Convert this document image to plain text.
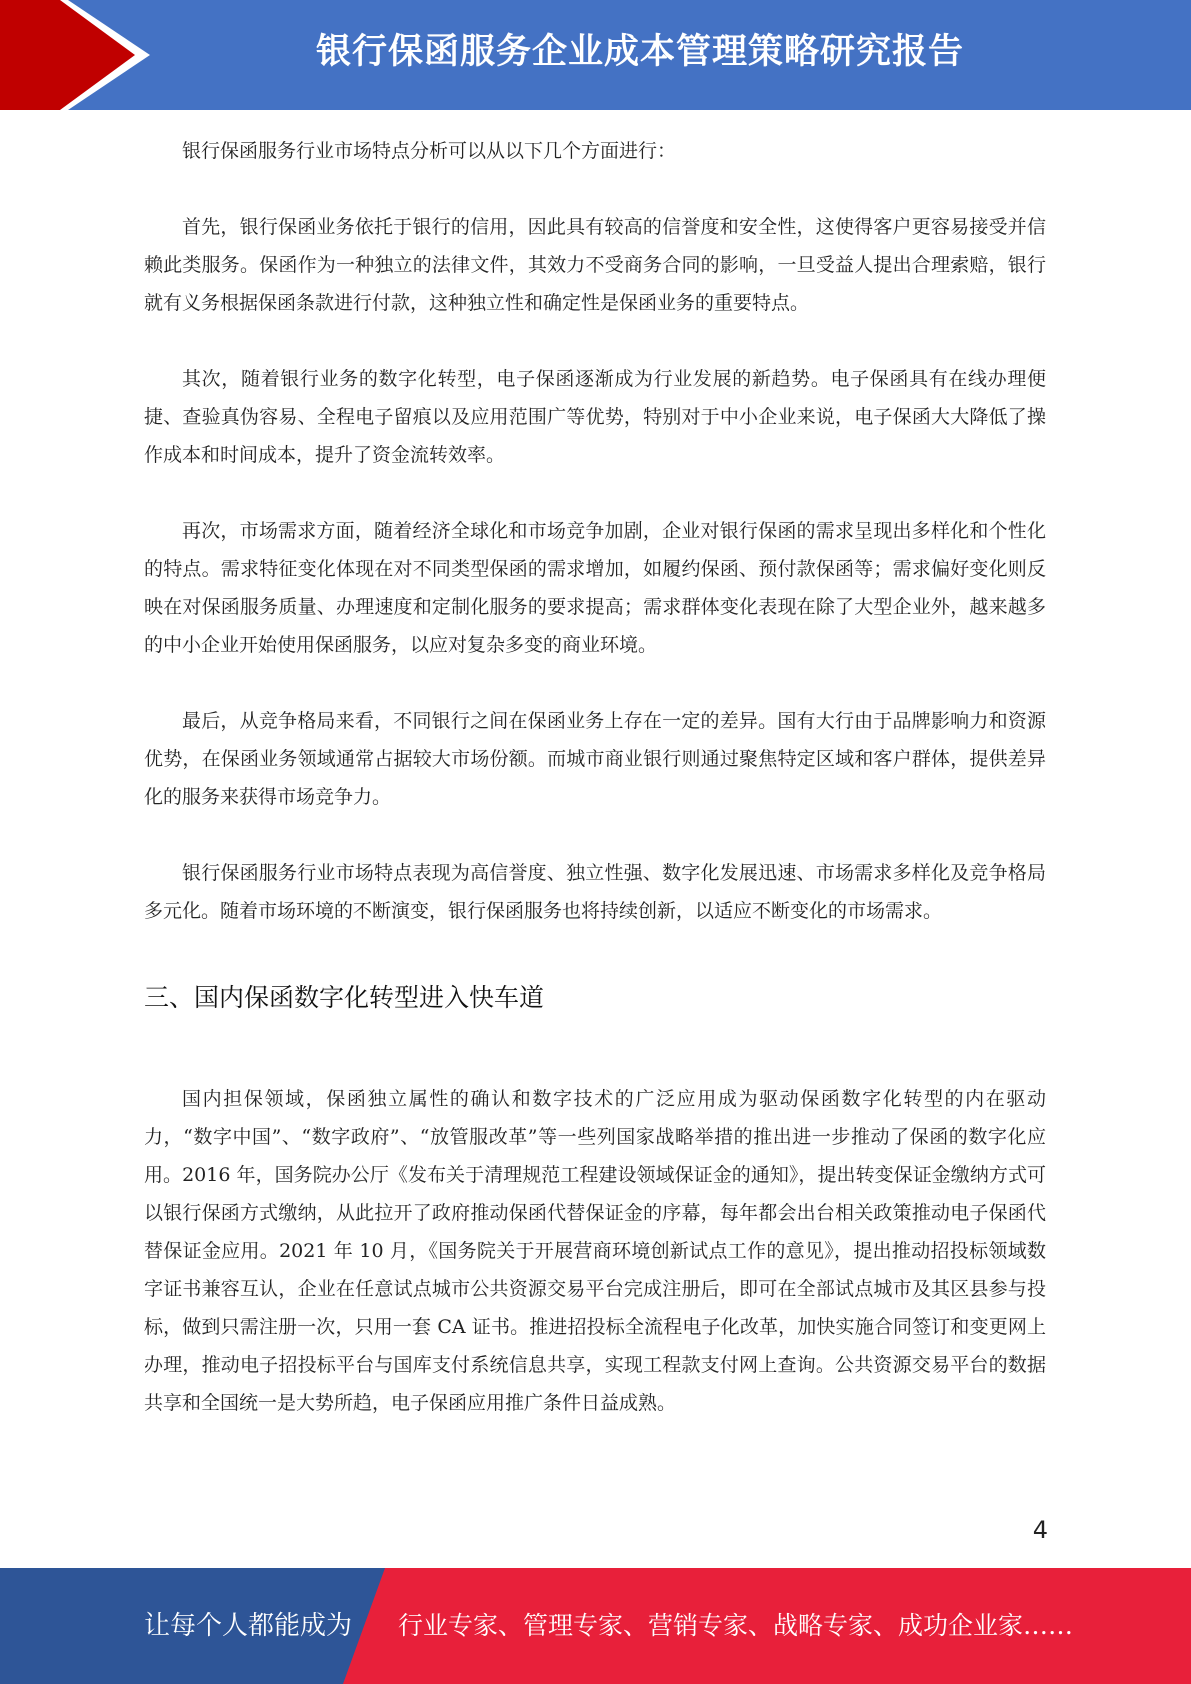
银行保函服务企业成本管理策略研究报告

银行保函服务行业市场特点分析可以从以下几个方面进行：

首先，银行保函业务依托于银行的信用，因此具有较高的信誉度和安全性，这使得客户更容易接受并信赖此类服务。保函作为一种独立的法律文件，其效力不受商务合同的影响，一旦受益人提出合理索赔，银行就有义务根据保函条款进行付款，这种独立性和确定性是保函业务的重要特点。

其次，随着银行业务的数字化转型，电子保函逐渐成为行业发展的新趋势。电子保函具有在线办理便捷、查验真伪容易、全程电子留痕以及应用范围广等优势，特别对于中小企业来说，电子保函大大降低了操作成本和时间成本，提升了资金流转效率。

再次，市场需求方面，随着经济全球化和市场竞争加剧，企业对银行保函的需求呈现出多样化和个性化的特点。需求特征变化体现在对不同类型保函的需求增加，如履约保函、预付款保函等；需求偏好变化则反映在对保函服务质量、办理速度和定制化服务的要求提高；需求群体变化表现在除了大型企业外，越来越多的中小企业开始使用保函服务，以应对复杂多变的商业环境。

最后，从竞争格局来看，不同银行之间在保函业务上存在一定的差异。国有大行由于品牌影响力和资源优势，在保函业务领域通常占据较大市场份额。而城市商业银行则通过聚焦特定区域和客户群体，提供差异化的服务来获得市场竞争力。

银行保函服务行业市场特点表现为高信誉度、独立性强、数字化发展迅速、市场需求多样化及竞争格局多元化。随着市场环境的不断演变，银行保函服务也将持续创新，以适应不断变化的市场需求。

三、国内保函数字化转型进入快车道

国内担保领域，保函独立属性的确认和数字技术的广泛应用成为驱动保函数字化转型的内在驱动力，“数字中国”、“数字政府”、“放管服改革”等一些列国家战略举措的推出进一步推动了保函的数字化应用。2016 年，国务院办公厅《发布关于清理规范工程建设领域保证金的通知》，提出转变保证金缴纳方式可以银行保函方式缴纳，从此拉开了政府推动保函代替保证金的序幕，每年都会出台相关政策推动电子保函代替保证金应用。2021 年 10 月，《国务院关于开展营商环境创新试点工作的意见》，提出推动招投标领域数字证书兼容互认，企业在任意试点城市公共资源交易平台完成注册后，即可在全部试点城市及其区县参与投标，做到只需注册一次，只用一套 CA 证书。推进招投标全流程电子化改革，加快实施合同签订和变更网上办理，推动电子招投标平台与国库支付系统信息共享，实现工程款支付网上查询。公共资源交易平台的数据共享和全国统一是大势所趋，电子保函应用推广条件日益成熟。

4
让每个人都能成为 行业专家、管理专家、营销专家、战略专家、成功企业家……
